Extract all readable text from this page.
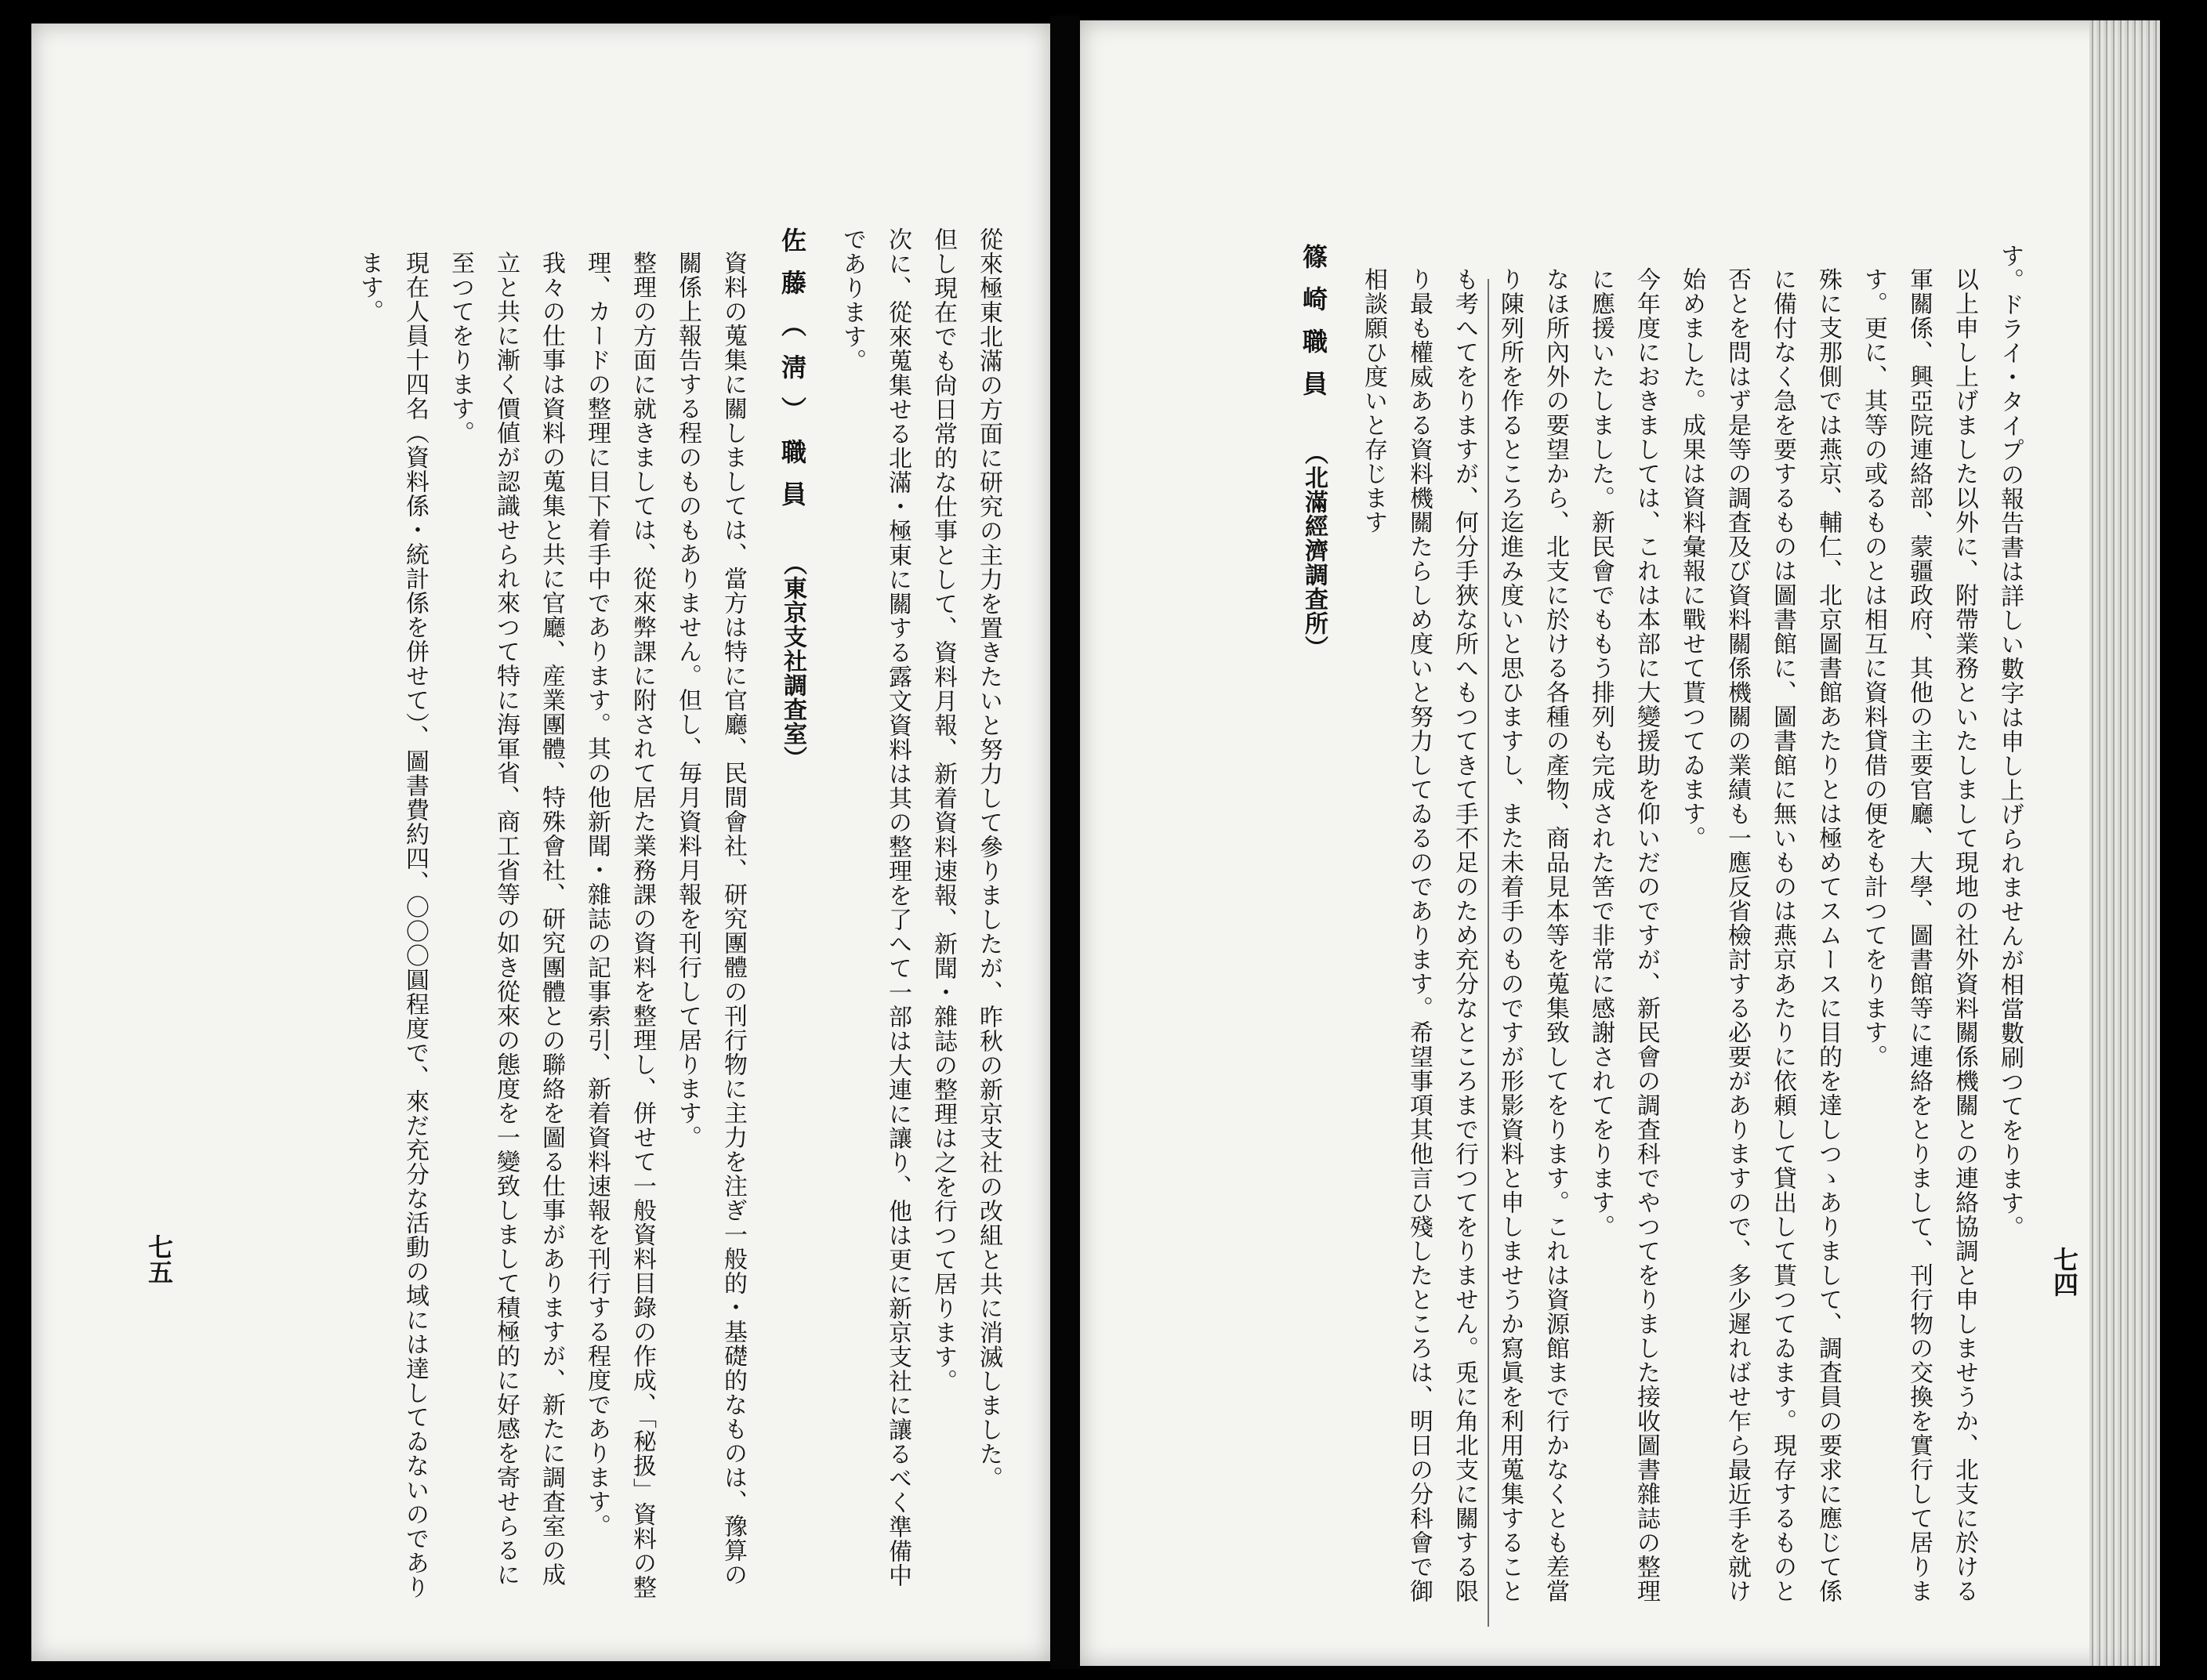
從來極東北滿の方面に研究の主力を置きたいと努力して參りましたが、昨秋の新京支社の改組と共に消滅しました。

但し現在でも尙日常的な仕事として、資料月報、新着資料速報、新聞・雜誌の整理は之を行つて居ります。

次に、從來蒐集せる北滿・極東に關する露文資料は其の整理を了へて一部は大連に讓り、他は更に新京支社に讓るべく準備中であります。

佐藤（淸）職員（東京支社調査室）

資料の蒐集に關しましては、當方は特に官廳、民間會社、研究團體の刊行物に主力を注ぎ一般的・基礎的なものは、豫算の關係上報告する程のものもありません。但し、毎月資料月報を刊行して居ります。

整理の方面に就きましては、從來弊課に附されて居た業務課の資料を整理し、併せて一般資料目錄の作成、「秘扱」資料の整理、カードの整理に目下着手中であります。其の他新聞・雜誌の記事索引、新着資料速報を刊行する程度であります。

我々の仕事は資料の蒐集と共に官廳、産業團體、特殊會社、研究團體との聯絡を圖る仕事がありますが、新たに調査室の成立と共に漸く價値が認識せられ來つて特に海軍省、商工省等の如き從來の態度を一變致しまして積極的に好感を寄せらるに至つてをります。

現在人員十四名（資料係・統計係を併せて）、圖書費約四、〇〇〇圓程度で、來だ充分な活動の域には達してゐないのであります。

七五

す。ドライ・タイプの報告書は詳しい數字は申し上げられませんが相當數刷つてをります。

以上申し上げました以外に、附帶業務といたしまして現地の社外資料關係機關との連絡協調と申しませうか、北支に於ける軍關係、興亞院連絡部、蒙疆政府、其他の主要官廳、大學、圖書館等に連絡をとりまして、刊行物の交換を實行して居ります。更に、其等の或るものとは相互に資料貸借の便をも計つてをります。

殊に支那側では燕京、輔仁、北京圖書館あたりとは極めてスムースに目的を達しつゝありまして、調査員の要求に應じて係に備付なく急を要するものは圖書館に、圖書館に無いものは燕京あたりに依頼して貸出して貰つてゐます。現存するものと否とを問はず是等の調査及び資料關係機關の業績も一應反省檢討する必要がありますので、多少遲ればせ乍ら最近手を就け始めました。成果は資料彙報に戰せて貰つてゐます。

今年度におきましては、これは本部に大變援助を仰いだのですが、新民會の調査科でやつてをりました接收圖書雜誌の整理に應援いたしました。新民會でももう排列も完成された筈で非常に感謝されてをります。

なほ所內外の要望から、北支に於ける各種の產物、商品見本等を蒐集致してをります。これは資源館まで行かなくとも差當り陳列所を作るところ迄進み度いと思ひますし、また未着手のものですが形影資料と申しませうか寫眞を利用蒐集することも考へてをりますが、何分手狹な所へもつてきて手不足のため充分なところまで行つてをりません。兎に角北支に關する限り最も權威ある資料機關たらしめ度いと努力してゐるのであります。希望事項其他言ひ殘したところは、明日の分科會で御相談願ひ度いと存じます

篠崎職員（北滿經濟調査所）

七四
